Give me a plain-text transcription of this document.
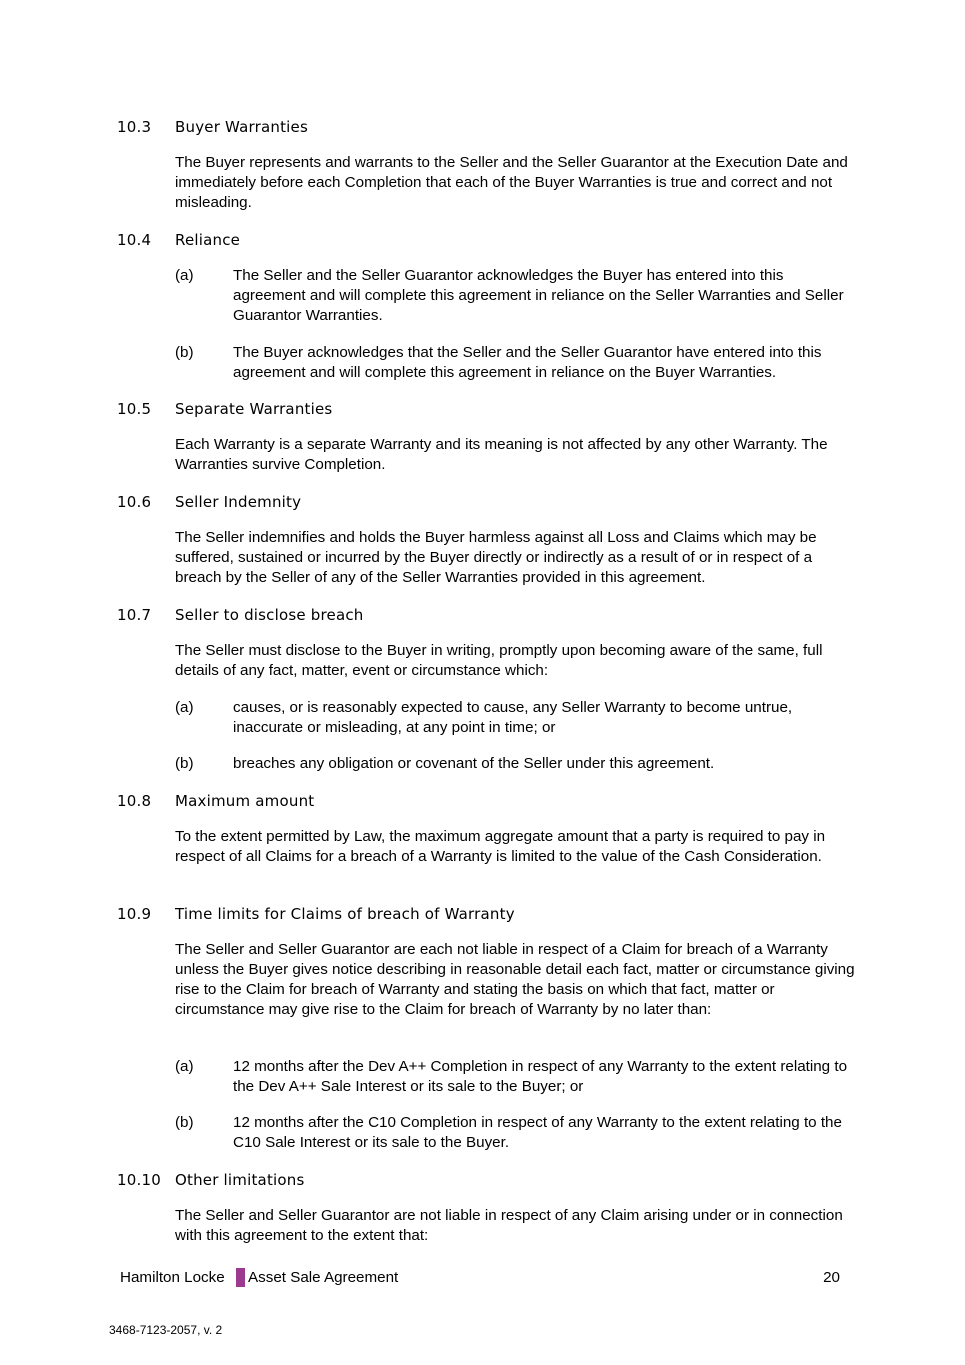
10.3 Buyer Warranties
The Buyer represents and warrants to the Seller and the Seller Guarantor at the Execution Date and immediately before each Completion that each of the Buyer Warranties is true and correct and not misleading.
10.4 Reliance
(a)	The Seller and the Seller Guarantor acknowledges the Buyer has entered into this agreement and will complete this agreement in reliance on the Seller Warranties and Seller Guarantor Warranties.
(b)	The Buyer acknowledges that the Seller and the Seller Guarantor have entered into this agreement and will complete this agreement in reliance on the Buyer Warranties.
10.5 Separate Warranties
Each Warranty is a separate Warranty and its meaning is not affected by any other Warranty. The Warranties survive Completion.
10.6 Seller Indemnity
The Seller indemnifies and holds the Buyer harmless against all Loss and Claims which may be suffered, sustained or incurred by the Buyer directly or indirectly as a result of or in respect of a breach by the Seller of any of the Seller Warranties provided in this agreement.
10.7 Seller to disclose breach
The Seller must disclose to the Buyer in writing, promptly upon becoming aware of the same, full details of any fact, matter, event or circumstance which:
(a)	causes, or is reasonably expected to cause, any Seller Warranty to become untrue, inaccurate or misleading, at any point in time; or
(b)	breaches any obligation or covenant of the Seller under this agreement.
10.8 Maximum amount
To the extent permitted by Law, the maximum aggregate amount that a party is required to pay in respect of all Claims for a breach of a Warranty is limited to the value of the Cash Consideration.
10.9 Time limits for Claims of breach of Warranty
The Seller and Seller Guarantor are each not liable in respect of a Claim for breach of a Warranty unless the Buyer gives notice describing in reasonable detail each fact, matter or circumstance giving rise to the Claim for breach of Warranty and stating the basis on which that fact, matter or circumstance may give rise to the Claim for breach of Warranty by no later than:
(a)	12 months after the Dev A++ Completion in respect of any Warranty to the extent relating to the Dev A++ Sale Interest or its sale to the Buyer; or
(b)	12 months after the C10 Completion in respect of any Warranty to the extent relating to the C10 Sale Interest or its sale to the Buyer.
10.10 Other limitations
The Seller and Seller Guarantor are not liable in respect of any Claim arising under or in connection with this agreement to the extent that:
Hamilton Locke Asset Sale Agreement	20
3468-7123-2057, v. 2
